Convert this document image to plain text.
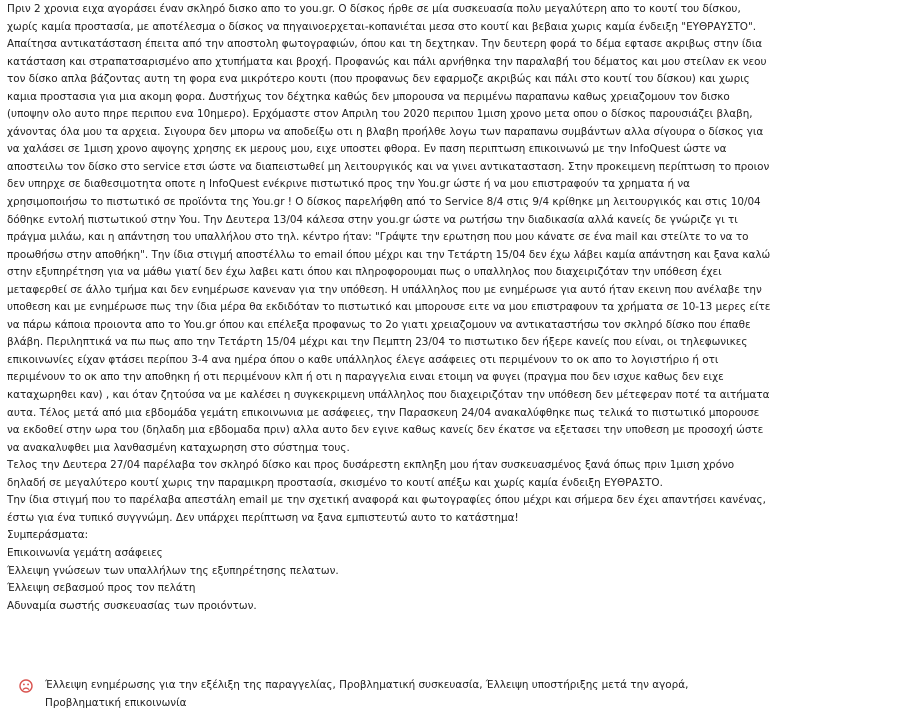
Πριν 2 χρονια ειχα αγοράσει έναν σκληρό δισκο απο το you.gr. Ο δίσκος ήρθε σε μία συσκευασία πολυ μεγαλύτερη απο το κουτί του δίσκου,
χωρίς καμία προστασία, με αποτέλεσμα ο δίσκος να πηγαινοερχεται-κοπανιέται μεσα στο κουτί και βεβαια χωρις καμία ένδειξη "ΕΥΘΡΑΥΣΤΟ".
Απαίτησα αντικατάσταση έπειτα από την αποστολη φωτογραφιών, όπου και τη δεχτηκαν. Την δευτερη φορά το δέμα εφτασε ακριβως στην ίδια
κατάσταση και στραπατσαρισμένο απο χτυπήματα και βροχή. Προφανώς και πάλι αρνήθηκα την παραλαβή του δέματος και μου στείλαν εκ νεου
τον δίσκο απλα βάζοντας αυτη τη φορα ενα μικρότερο κουτι (που προφανως δεν εφαρμοζε ακριβώς και πάλι στο κουτί του δίσκου) και χωρις
καμια προστασια για μια ακομη φορα. Δυστήχως τον δέχτηκα καθώς δεν μπορουσα να περιμένω παραπανω καθως χρειαζομουν τον δισκο
(υποψην ολο αυτο πηρε περιπου ενα 10ημερο). Ερχόμαστε στον Απριλη του 2020 περιπου 1μιση χρονο μετα οπου ο δίσκος παρουσιάζει βλαβη,
χάνοντας όλα μου τα αρχεια. Σιγουρα δεν μπορω να αποδείξω οτι η βλαβη προήλθε λογω των παραπανω συμβάντων αλλα σίγουρα ο δίσκος για
να χαλάσει σε 1μιση χρονο αψογης χρησης εκ μερους μου, ειχε υποστει φθορα. Εν παση περιπτωση επικοινωνώ με την InfoQuest ώστε να
αποστειλω τον δίσκο στο service ετσι ώστε να διαπειστωθεί μη λειτουργικός και να γινει αντικατασταση. Στην προκειμενη περίπτωση το προιον
δεν υπηρχε σε διαθεσιμοτητα οποτε η InfoQuest ενέκρινε πιστωτικό προς την You.gr ώστε ή να μου επιστραφούν τα χρηματα ή να
χρησιμοποιήσω το πιστωτικό σε προϊόντα της You.gr ! Ο δίσκος παρελήφθη από το Service 8/4 στις 9/4 κρίθηκε μη λειτουργικός και στις 10/04
δόθηκε εντολή πιστωτικού στην You. Την Δευτερα 13/04 κάλεσα στην you.gr ώστε να ρωτήσω την διαδικασία αλλά κανείς δε γνώριζε γι τι
πράγμα μιλάω, και η απάντηση του υπαλλήλου στο τηλ. κέντρο ήταν: "Γράψτε την ερωτηση που μου κάνατε σε ένα mail και στείλτε το να το
προωθήσω στην αποθήκη". Την ίδια στιγμή αποστέλλω το email όπου μέχρι και την Τετάρτη 15/04 δεν έχω λάβει καμία απάντηση και ξανα καλώ
στην εξυπηρέτηση για να μάθω γιατί δεν έχω λαβει κατι όπου και πληροφορουμαι πως ο υπαλληλος που διαχειριζόταν την υπόθεση έχει
μεταφερθεί σε άλλο τμήμα και δεν ενημέρωσε κανεναν για την υπόθεση. Η υπάλληλος που με ενημέρωσε για αυτό ήταν εκεινη που ανέλαβε την
υποθεση και με ενημέρωσε πως την ίδια μέρα θα εκδιδόταν το πιστωτικό και μπορουσε ειτε να μου επιστραφουν τα χρήματα σε 10-13 μερες είτε
να πάρω κάποια προιοντα απο το You.gr όπου και επέλεξα προφανως το 2ο γιατι χρειαζομουν να αντικαταστήσω τον σκληρό δίσκο που έπαθε
βλάβη. Περιληπτικά να πω πως απο την Τετάρτη 15/04 μέχρι και την Πεμπτη 23/04 το πιστωτικο δεν ήξερε κανείς που είναι, οι τηλεφωνικες
επικοινωνίες είχαν φτάσει περίπου 3-4 ανα ημέρα όπου ο καθε υπάλληλος έλεγε ασάφειες οτι περιμένουν το οκ απο το λογιστήριο ή οτι
περιμένουν το οκ απο την αποθηκη ή οτι περιμένουν κλπ ή οτι η παραγγελια ειναι ετοιμη να φυγει (πραγμα που δεν ισχυε καθως δεν ειχε
καταχωρηθει καν) , και όταν ζητούσα να με καλέσει η συγκεκριμενη υπάλληλος που διαχειριζόταν την υπόθεση δεν μέτεφεραν ποτέ τα αιτήματα
αυτα. Τέλος μετά από μια εβδομάδα γεμάτη επικοινωνια με ασάφειες, την Παρασκευη 24/04 ανακαλύφθηκε πως τελικά το πιστωτικό μπορουσε
να εκδοθεί στην ωρα του (δηλαδη μια εβδομαδα πριν) αλλα αυτο δεν εγινε καθως κανείς δεν έκατσε να εξετασει την υποθεση με προσοχή ώστε
να ανακαλυφθει μια λανθασμένη καταχωρηση στο σύστημα τους.
Τελος την Δευτερα 27/04 παρέλαβα τον σκληρό δίσκο και προς δυσάρεστη εκπληξη μου ήταν συσκευασμένος ξανά όπως πριν 1μιση χρόνο
δηλαδή σε μεγαλύτερο κουτί χωρις την παραμικρη προστασία, σκισμένο το κουτί απέξω και χωρίς καμία ένδειξη ΕΥΘΡΑΣΤΟ.
Την ίδια στιγμή που το παρέλαβα απεστάλη email με την σχετική αναφορά και φωτογραφίες όπου μέχρι και σήμερα δεν έχει απαντήσει κανένας,
έστω για ένα τυπικό συγγνώμη. Δεν υπάρχει περίπτωση να ξανα εμπιστευτώ αυτο το κατάστημα!
Συμπεράσματα:
Επικοινωνία γεμάτη ασάφειες
Έλλειψη γνώσεων των υπαλλήλων της εξυπηρέτησης πελατων.
Έλλειψη σεβασμού προς τον πελάτη
Αδυναμία σωστής συσκευασίας των προιόντων.
Έλλειψη ενημέρωσης για την εξέλιξη της παραγγελίας, Προβληματική συσκευασία, Έλλειψη υποστήριξης μετά την αγορά,
Προβληματική επικοινωνία
